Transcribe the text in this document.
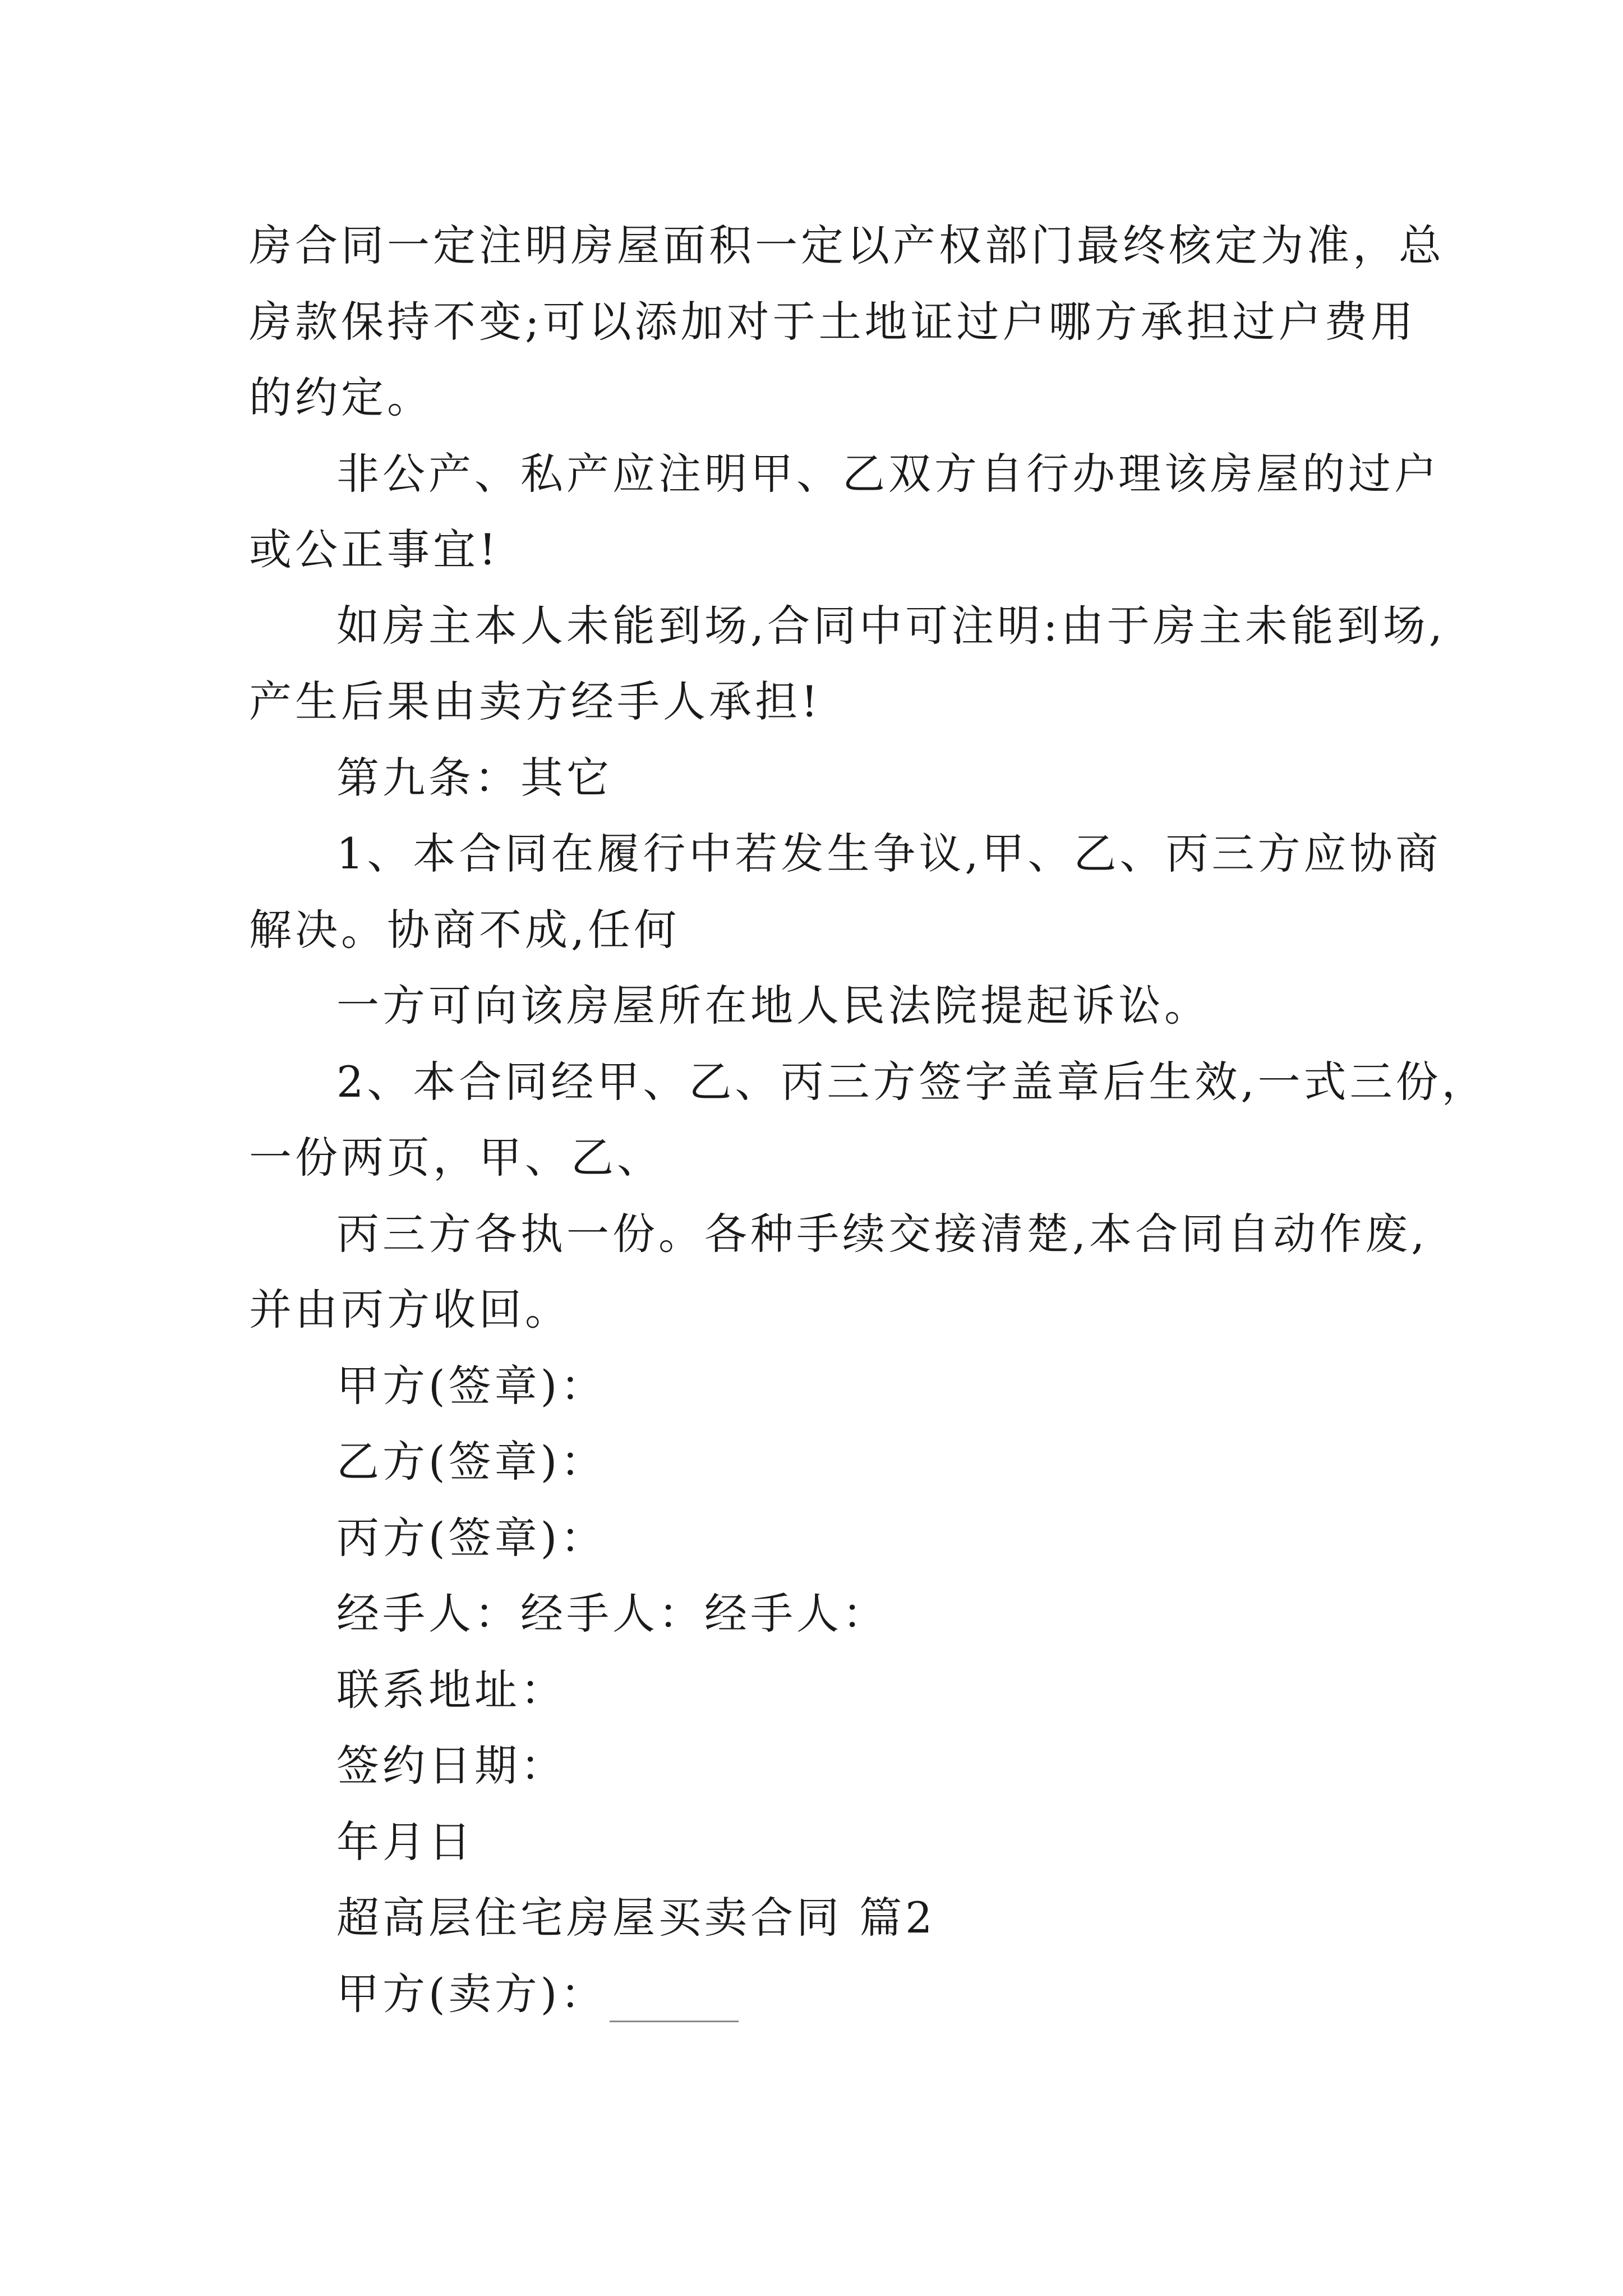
房合同一定注明房屋面积一定以产权部门最终核定为准，总
房款保持不变;可以添加对于土地证过户哪方承担过户费用
的约定。
非公产、私产应注明甲、乙双方自行办理该房屋的过户
或公正事宜!
如房主本人未能到场,合同中可注明:由于房主未能到场,
产生后果由卖方经手人承担!
第九条：其它
1、本合同在履行中若发生争议,甲、乙、丙三方应协商
解决。协商不成,任何
一方可向该房屋所在地人民法院提起诉讼。
2、本合同经甲、乙、丙三方签字盖章后生效,一式三份，
一份两页，甲、乙、
丙三方各执一份。各种手续交接清楚,本合同自动作废,
并由丙方收回。
甲方(签章)：
乙方(签章)：
丙方(签章)：
经手人：经手人：经手人：
联系地址：
签约日期：
年月日
超高层住宅房屋买卖合同 篇2
甲方(卖方)：
